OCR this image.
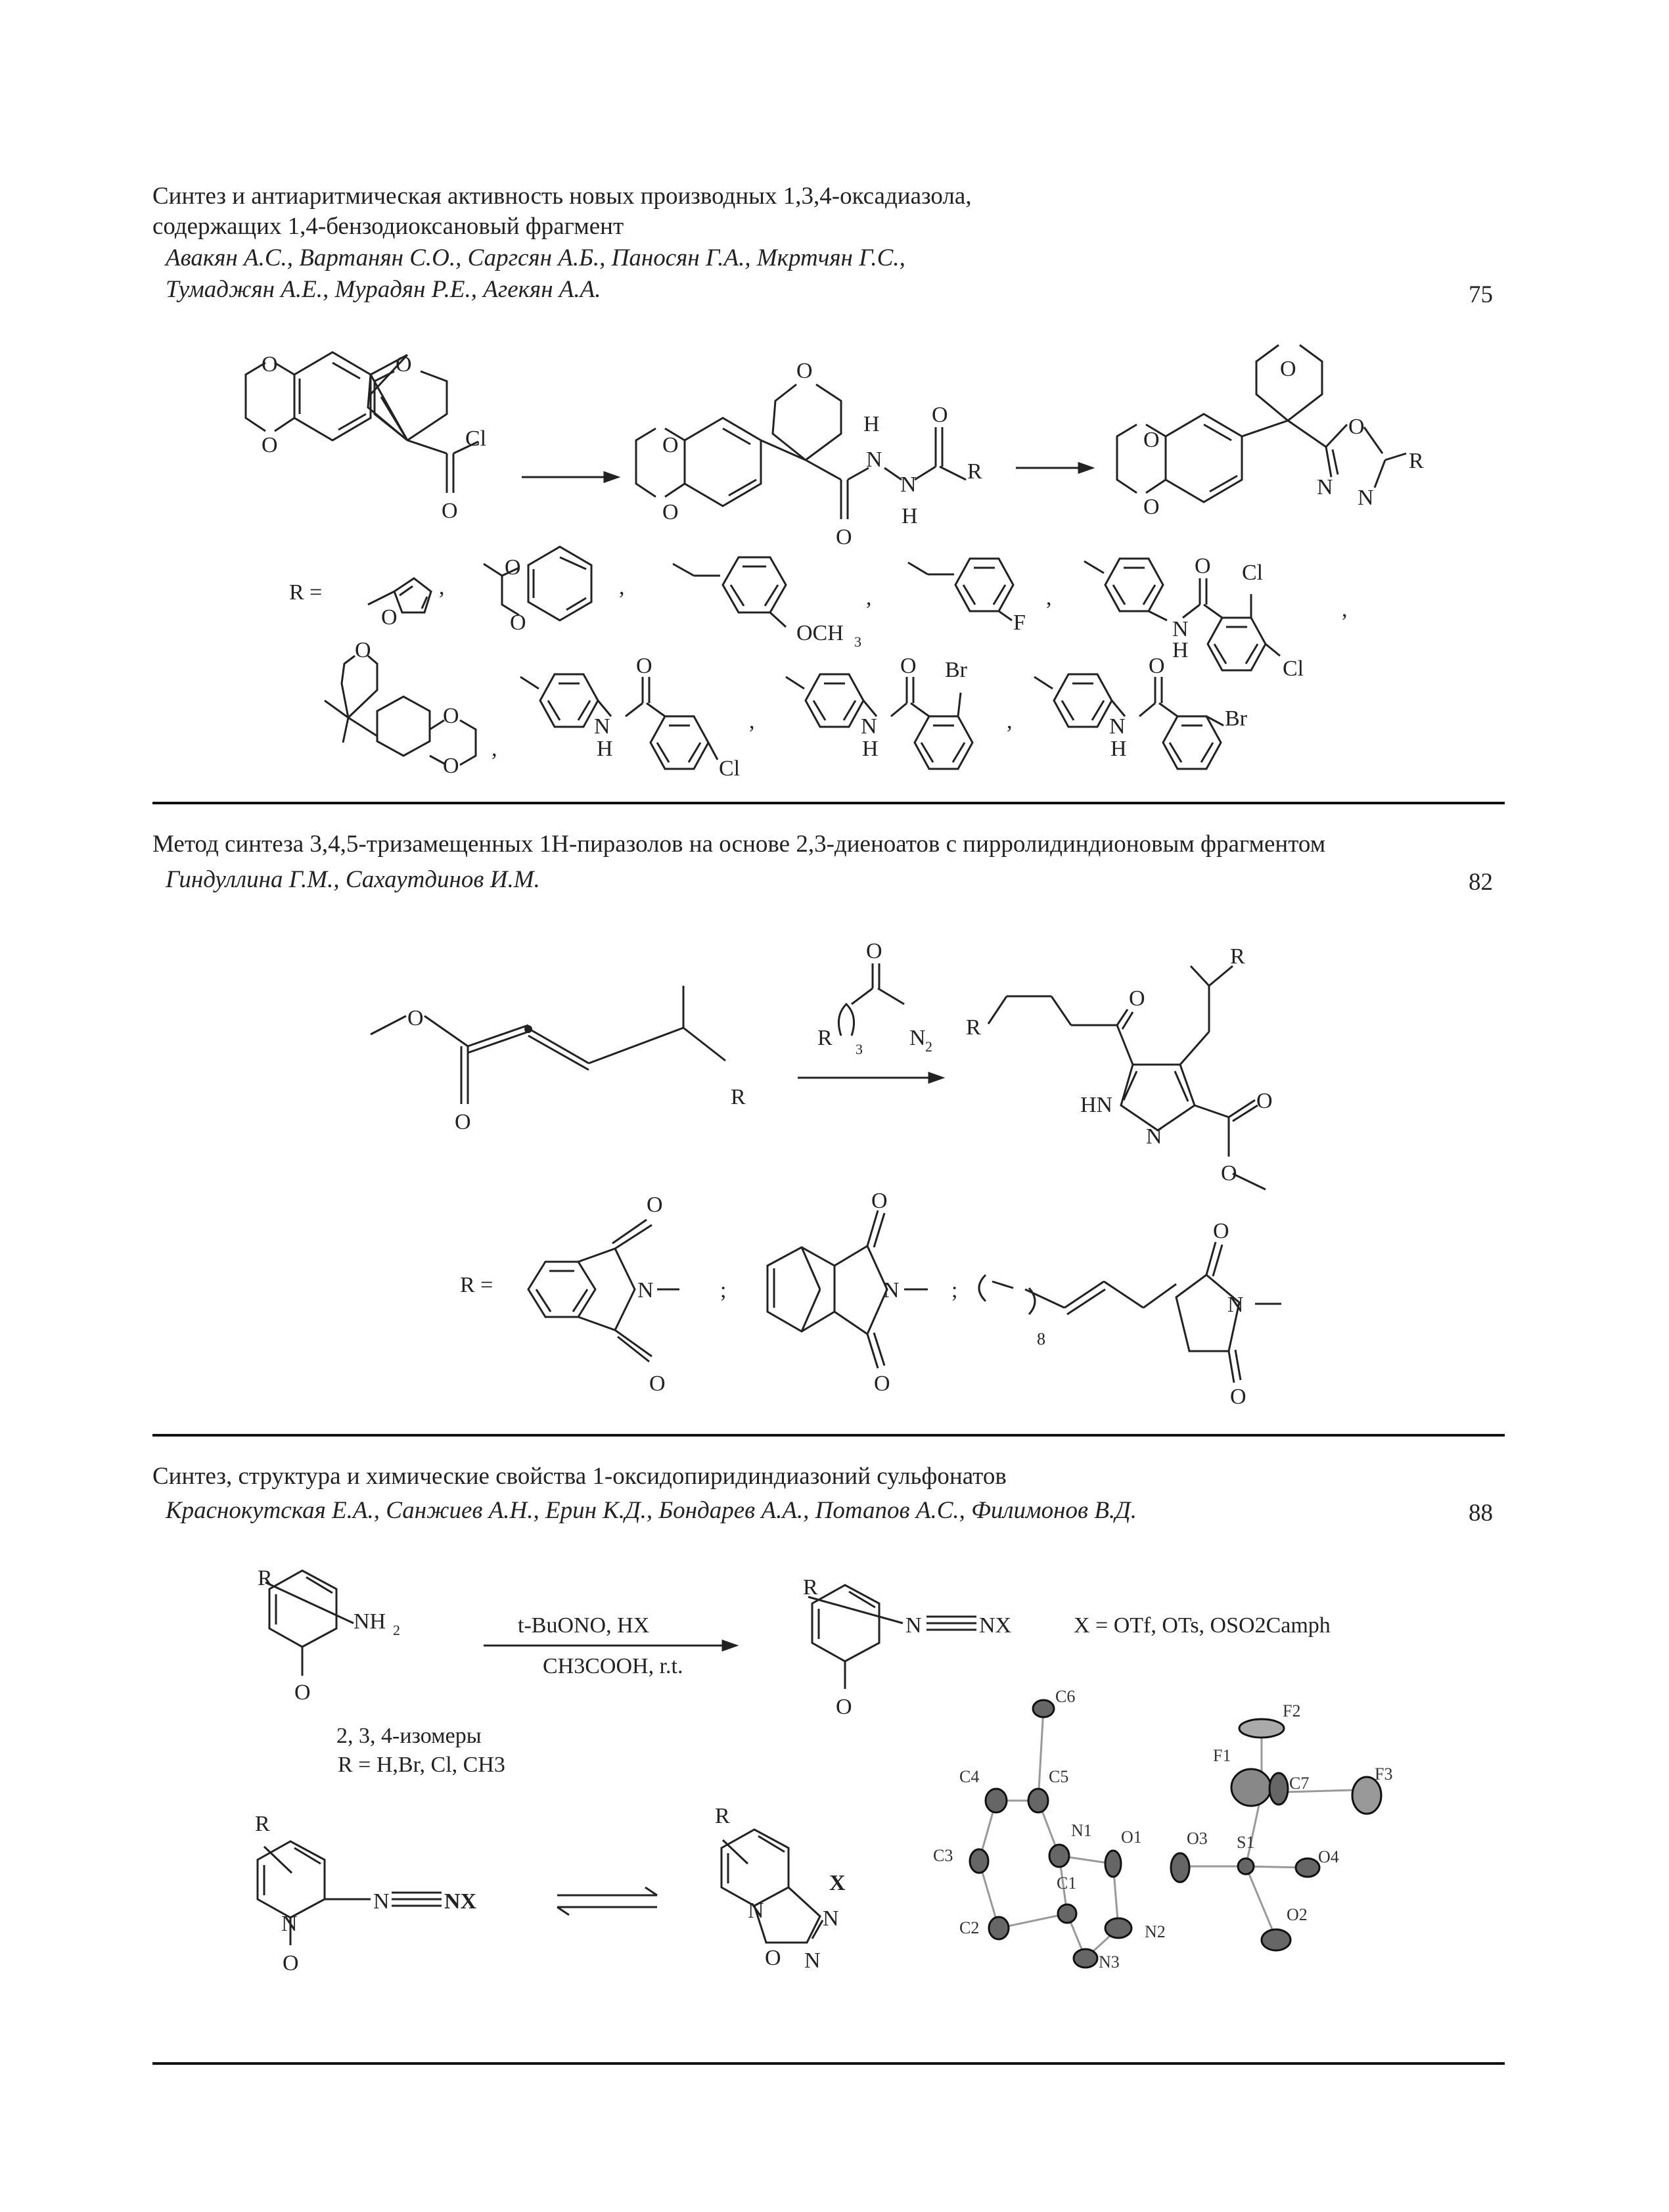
Синтез и антиаритмическая активность новых производных 1,3,4-оксадиазола,
содержащих 1,4-бензодиоксановый фрагмент
Авакян А.С., Вартанян С.О., Саргсян А.Б., Паносян Г.А., Мкртчян Г.С.,
Тумаджян А.Е., Мурадян Р.Е., Агекян А.А.	75
Метод синтеза 3,4,5-тризамещенных 1H-пиразолов на основе 2,3-диеноатов с пирролидиндионовым фрагментом
Гиндуллина Г.М., Сахаутдинов И.М.	82
Синтез, структура и химические свойства 1-оксидопиридиндиазоний сульфонатов
Краснокутская Е.А., Санжиев А.Н., Ерин К.Д., Бондарев А.А., Потапов А.С., Филимонов В.Д.	88
O
O	O
O
Cl	O
O
O
O
H
N
N
H
O
R
O
O
O
O
N N
R
R =
O
,
O
O
,
OCH 3
,
F
,
N
H
O Cl
Cl
,
O
O
O
,
N
H
O
Cl
,	N
H
O Br
,	N
H
O
Br
O
O
R
O
R 3 N 2
R
O
R
HN
N
O
O
R =
O
N
O
;
O
N
O
;
8
O
N
O
R
NH 2
O
t-BuONO, HX
CH3COOH, r.t.
2, 3, 4-изомеры
R = H,Br, Cl, CH3
R
N	NX
O
X = OTf, OTs, OSO2Camph
R
N
N NX
O
R
N
X
N
O N
C6
F2
F1
C7	F3
C4	C5
N1 O1	O3 S1
O4
C3
C1
C2	N2
O2
N3
